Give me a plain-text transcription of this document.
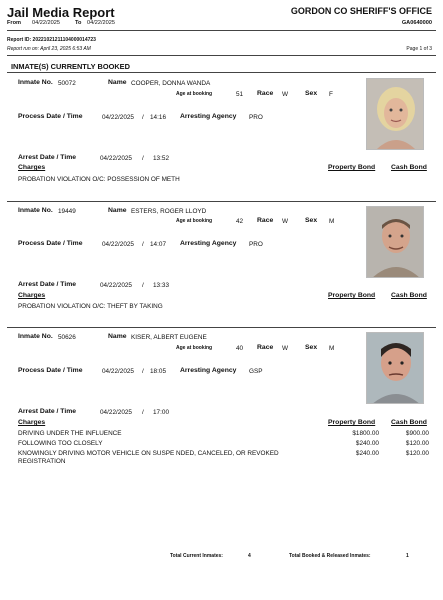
Jail Media Report
From 04/22/2025	To 04/22/2025
GORDON CO SHERIFF'S OFFICE
GA0640000
Report ID: 20221021211104000014723
Report run on: April 23, 2025 6:53 AM	Page 1 of 3
INMATE(S) CURRENTLY BOOKED
Inmate No. 50072	Name COOPER, DONNA WANDA
Age at booking	51 Race W Sex F
Process Date / Time	04/22/2025 / 14:16 Arresting Agency PRO
Arrest Date / Time	04/22/2025 / 13:52
Charges	Property Bond Cash Bond
PROBATION VIOLATION O/C: POSSESSION OF METH
Inmate No. 19449	Name ESTERS, ROGER LLOYD
Age at booking	42 Race W Sex M
Process Date / Time	04/22/2025 / 14:07 Arresting Agency PRO
Arrest Date / Time	04/22/2025 / 13:33
Charges	Property Bond Cash Bond
PROBATION VIOLATION O/C: THEFT BY TAKING
Inmate No. 50626	Name KISER, ALBERT EUGENE
Age at booking	40 Race W Sex M
Process Date / Time	04/22/2025 / 18:05 Arresting Agency GSP
Arrest Date / Time	04/22/2025 / 17:00
Charges	Property Bond Cash Bond
DRIVING UNDER THE INFLUENCE	$1800.00	$900.00
FOLLOWING TOO CLOSELY	$240.00	$120.00
KNOWINGLY DRIVING MOTOR VEHICLE ON SUSPE NDED, CANCELED, OR REVOKED
REGISTRATION
$240.00	$120.00
Total Current Inmates:	4	Total Booked & Released Inmates:	1
